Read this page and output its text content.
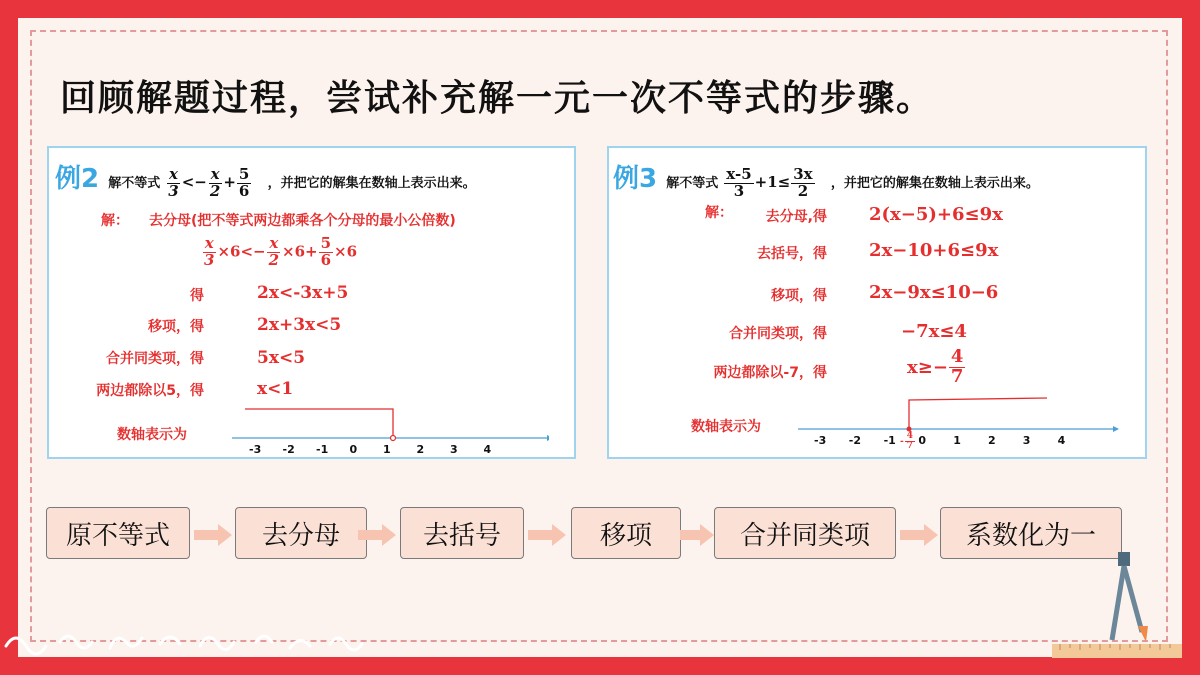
回顾解题过程，尝试补充解一元一次不等式的步骤。
例2 解不等式 $\frac{x}{3} <- \frac{x}{2} + \frac{5}{6}$ ，并把它的解集在数轴上表示出来。
解： 去分母(把不等式两边都乘各个分母的最小公倍数)
$\frac{x}{3} \times 6<- \frac{x}{2} \times 6+ \frac{5}{6} \times 6$
得	2x<-3x+5
移项，得	2x+3x<5
合并同类项，得	5x<5
两边都除以5，得	x<1
数轴表示为
-3 -2 -1 0 1 2 3 4
例3 解不等式 $\frac{x-5}{3} +1\le \frac{3x}{2}$ ，并把它的解集在数轴上表示出来。
解： 去分母,得 2(x−5)+6≤9x
去括号，得 2x−10+6≤9x
移项，得 2x−9x≤10−6
合并同类项，得	−7x≤4
两边都除以-7，得	$x\ge- \frac{4}{7}$
数轴表示为
-3 -2 -1 0 1 2 3 4
- $\frac{4}{7}$
原不等式	去分母	去括号	移项	合并同类项	系数化为一
